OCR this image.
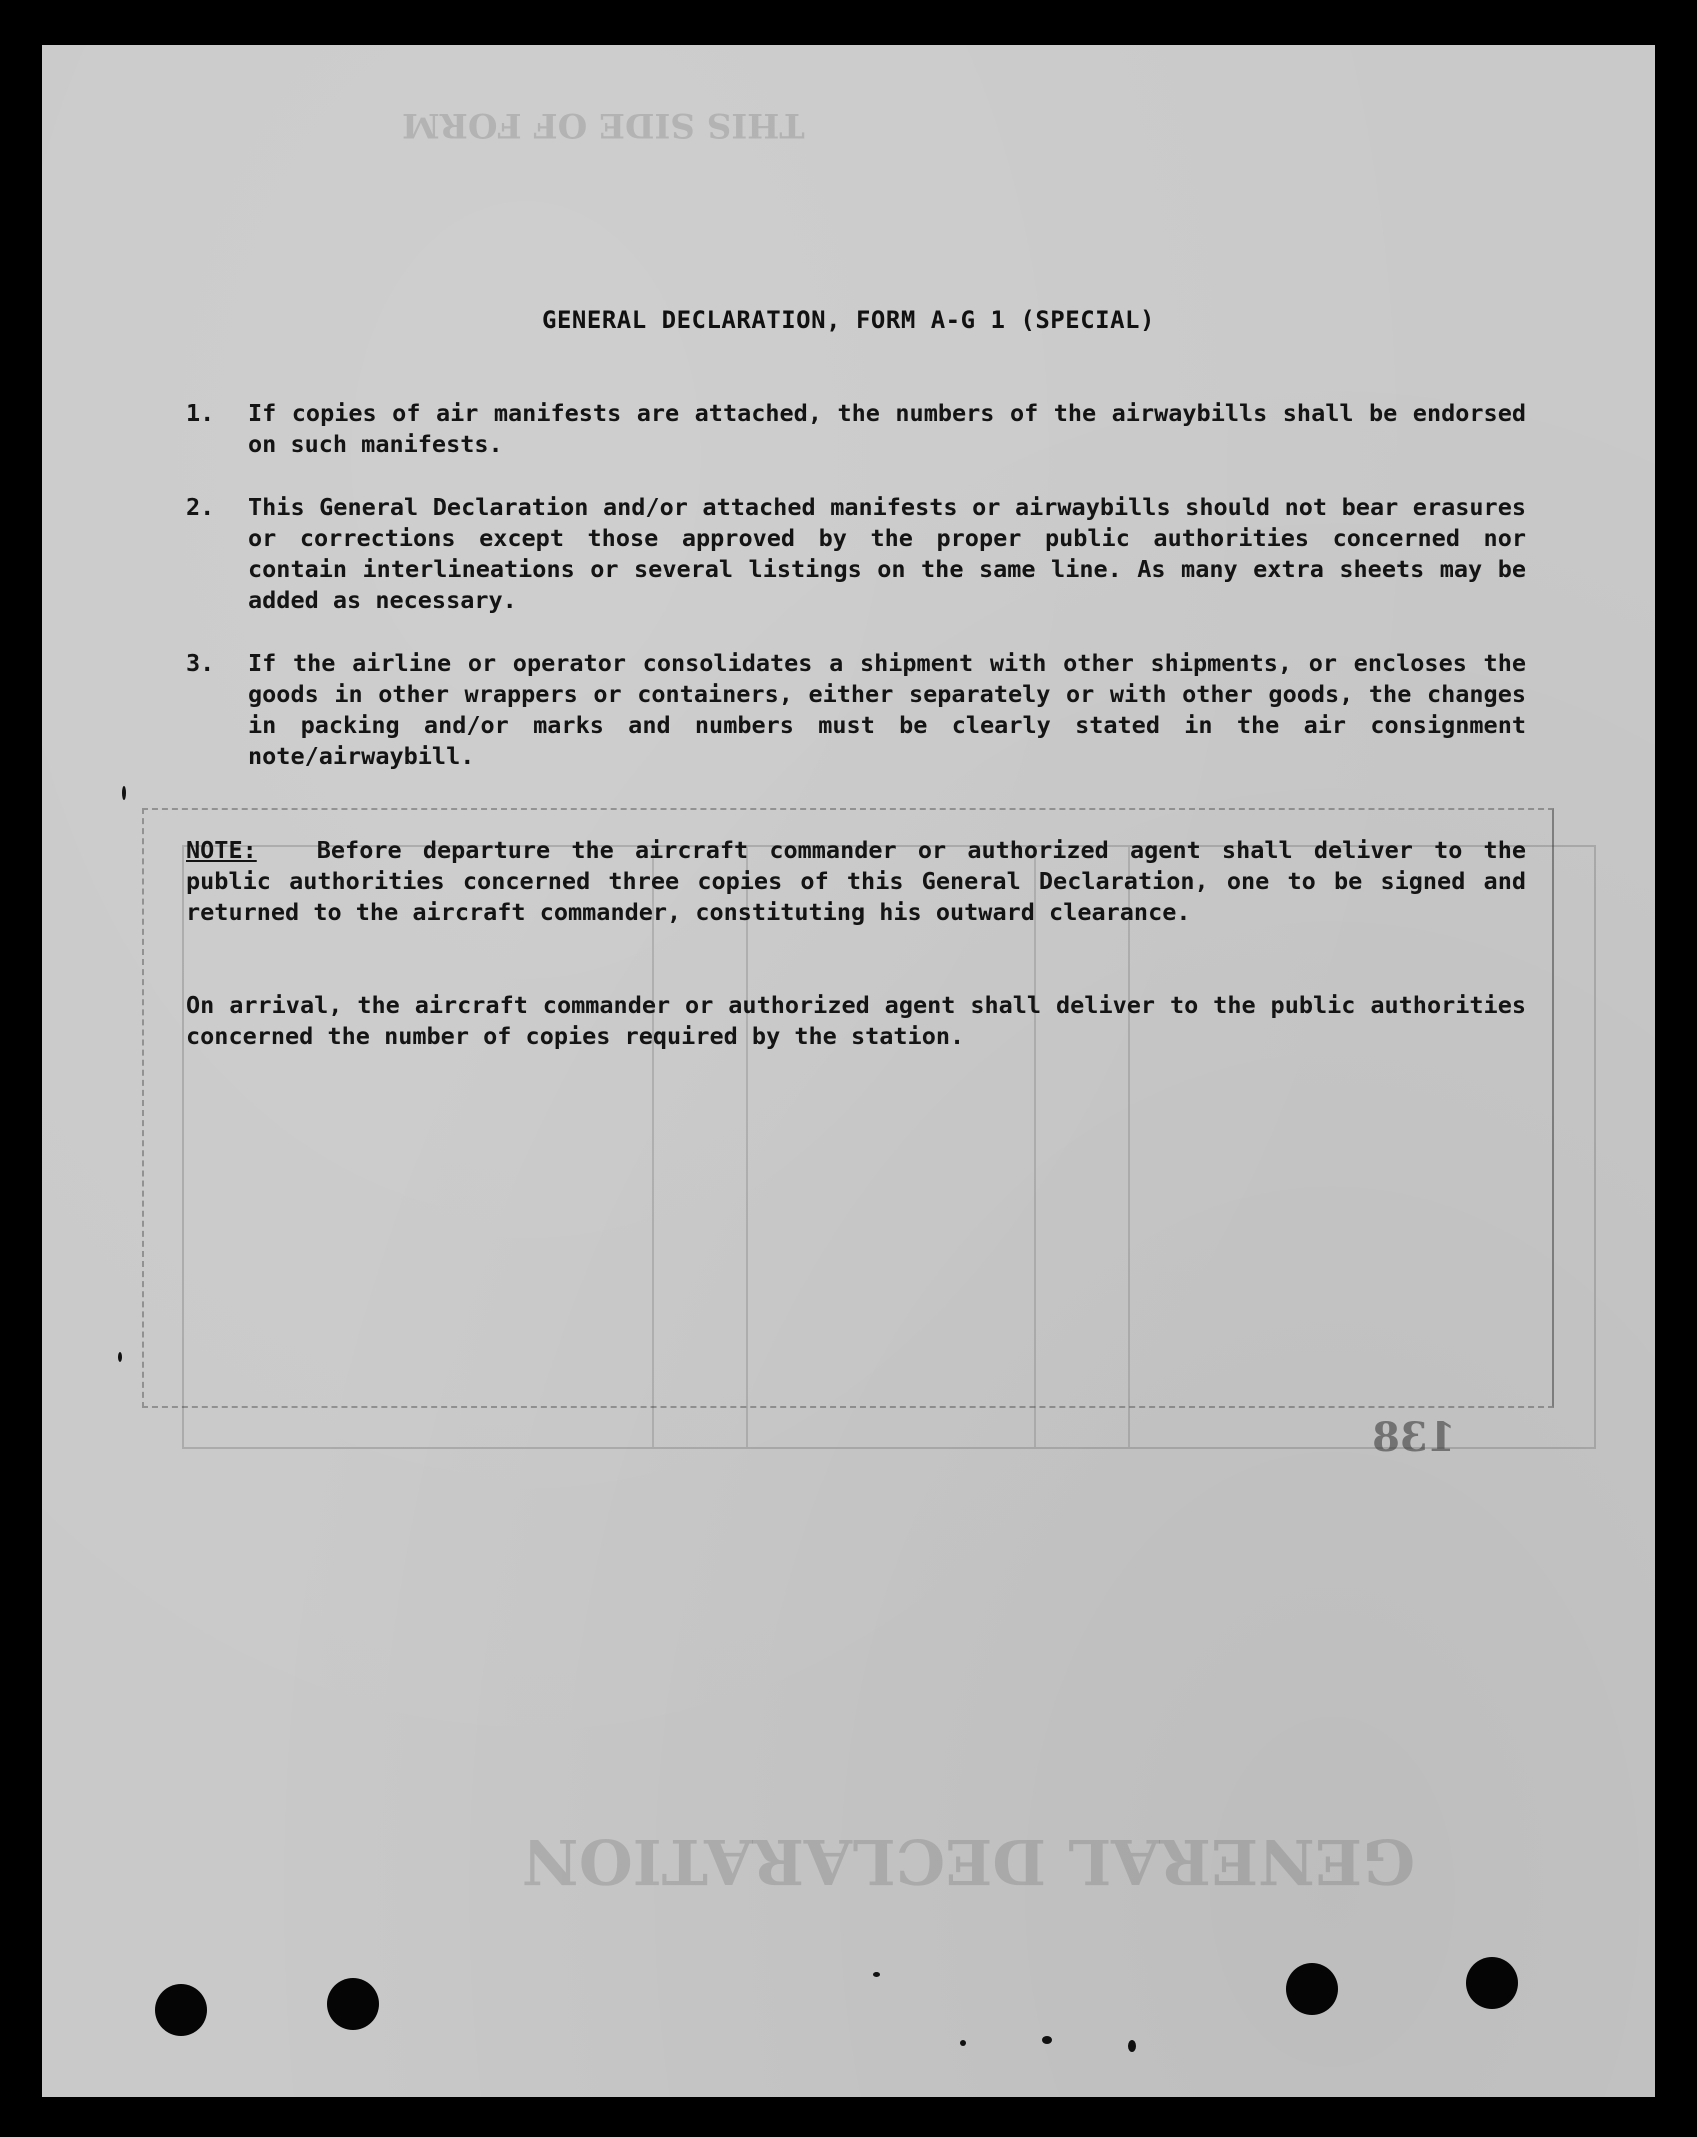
GENERAL DECLARATION
THIS SIDE OF FORM
GENERAL DECLARATION, FORM A-G 1 (SPECIAL)
1.	If copies of air manifests are attached, the numbers of the airwaybills shall be endorsed on such manifests.
2.	This General Declaration and/or attached manifests or airwaybills should not bear erasures or corrections except those approved by the proper public authorities concerned nor contain interlineations or several listings on the same line. As many extra sheets may be added as necessary.
3.	If the airline or operator consolidates a shipment with other shipments, or encloses the goods in other wrappers or containers, either separately or with other goods, the changes in packing and/or marks and numbers must be clearly stated in the air consignment note/airwaybill.
NOTE:	Before departure the aircraft commander or authorized agent shall deliver to the public authorities concerned three copies of this General Declaration, one to be signed and returned to the aircraft commander, constituting his outward clearance.
On arrival, the aircraft commander or authorized agent shall deliver to the public authorities concerned the number of copies required by the station.
138
